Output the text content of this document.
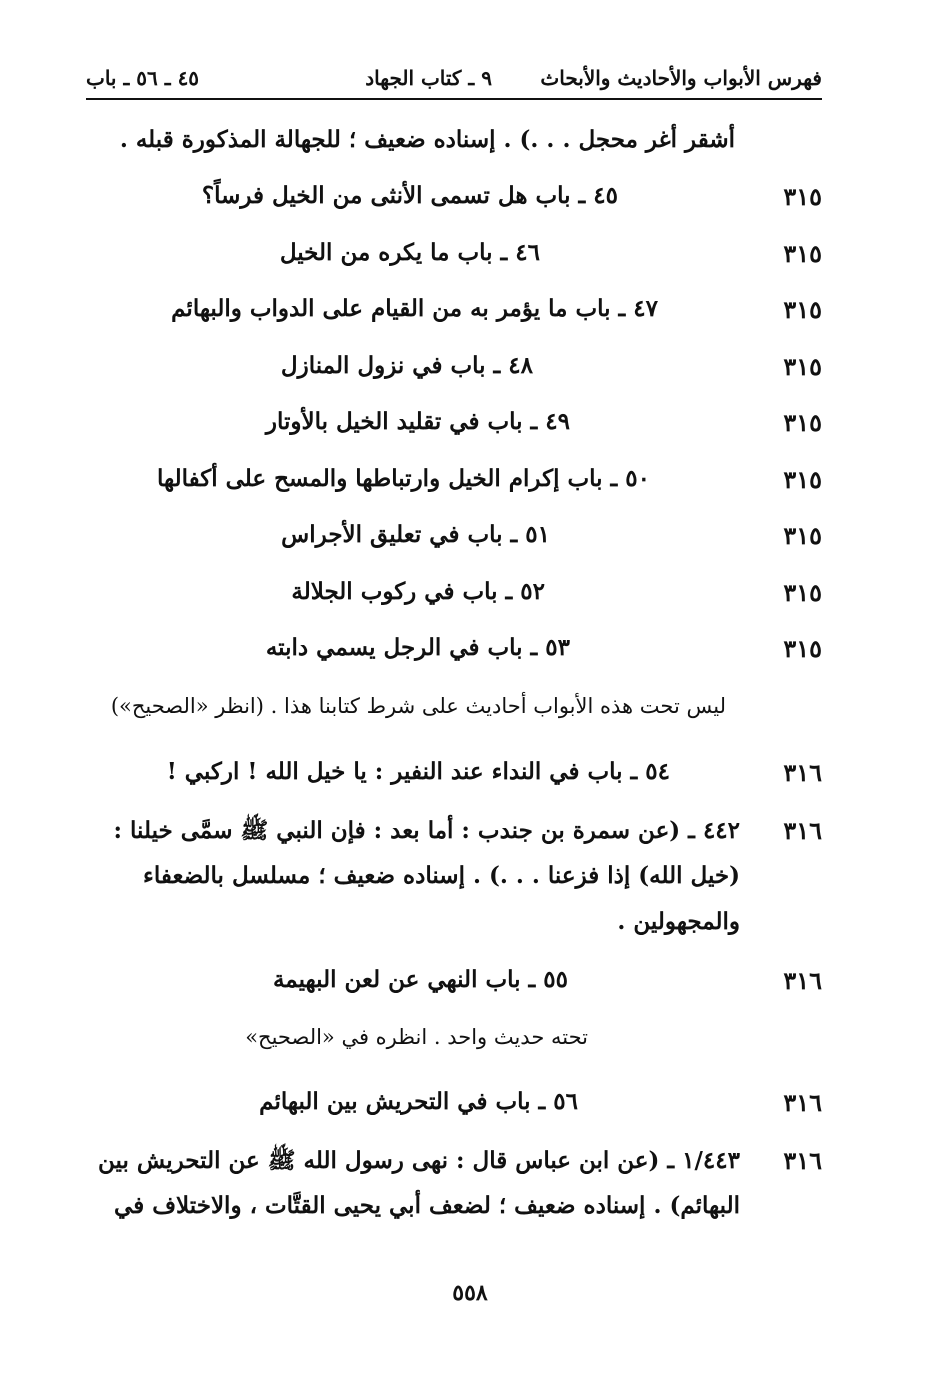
فهرس الأبواب والأحاديث والأبحاث
٩ ـ كتاب الجهاد
٤٥ ـ ٥٦ ـ باب
أشقر أغر محجل . . .) . إسناده ضعيف ؛ للجهالة المذكورة قبله .
٣١٥
٤٥ ـ باب هل تسمى الأنثى من الخيل فرساً؟
٣١٥
٤٦ ـ باب ما يكره من الخيل
٣١٥
٤٧ ـ باب ما يؤمر به من القيام على الدواب والبهائم
٣١٥
٤٨ ـ باب في نزول المنازل
٣١٥
٤٩ ـ باب في تقليد الخيل بالأوتار
٣١٥
٥٠ ـ باب إكرام الخيل وارتباطها والمسح على أكفالها
٣١٥
٥١ ـ باب في تعليق الأجراس
٣١٥
٥٢ ـ باب في ركوب الجلالة
٣١٥
٥٣ ـ باب في الرجل يسمي دابته
ليس تحت هذه الأبواب أحاديث على شرط كتابنا هذا . (انظر «الصحيح»)
٣١٦
٥٤ ـ باب في النداء عند النفير : يا خيل الله ! اركبي !
٣١٦
٤٤٢ ـ (عن سمرة بن جندب : أما بعد : فإن النبي ﷺ سمَّى خيلنا :
(خيل الله) إذا فزعنا . . .) . إسناده ضعيف ؛ مسلسل بالضعفاء
والمجهولين .
٣١٦
٥٥ ـ باب النهي عن لعن البهيمة
تحته حديث واحد . انظره في «الصحيح»
٣١٦
٥٦ ـ باب في التحريش بين البهائم
٣١٦
١/٤٤٣ ـ (عن ابن عباس قال : نهى رسول الله ﷺ عن التحريش بين
البهائم) . إسناده ضعيف ؛ لضعف أبي يحيى القتَّات ، والاختلاف في
٥٥٨
